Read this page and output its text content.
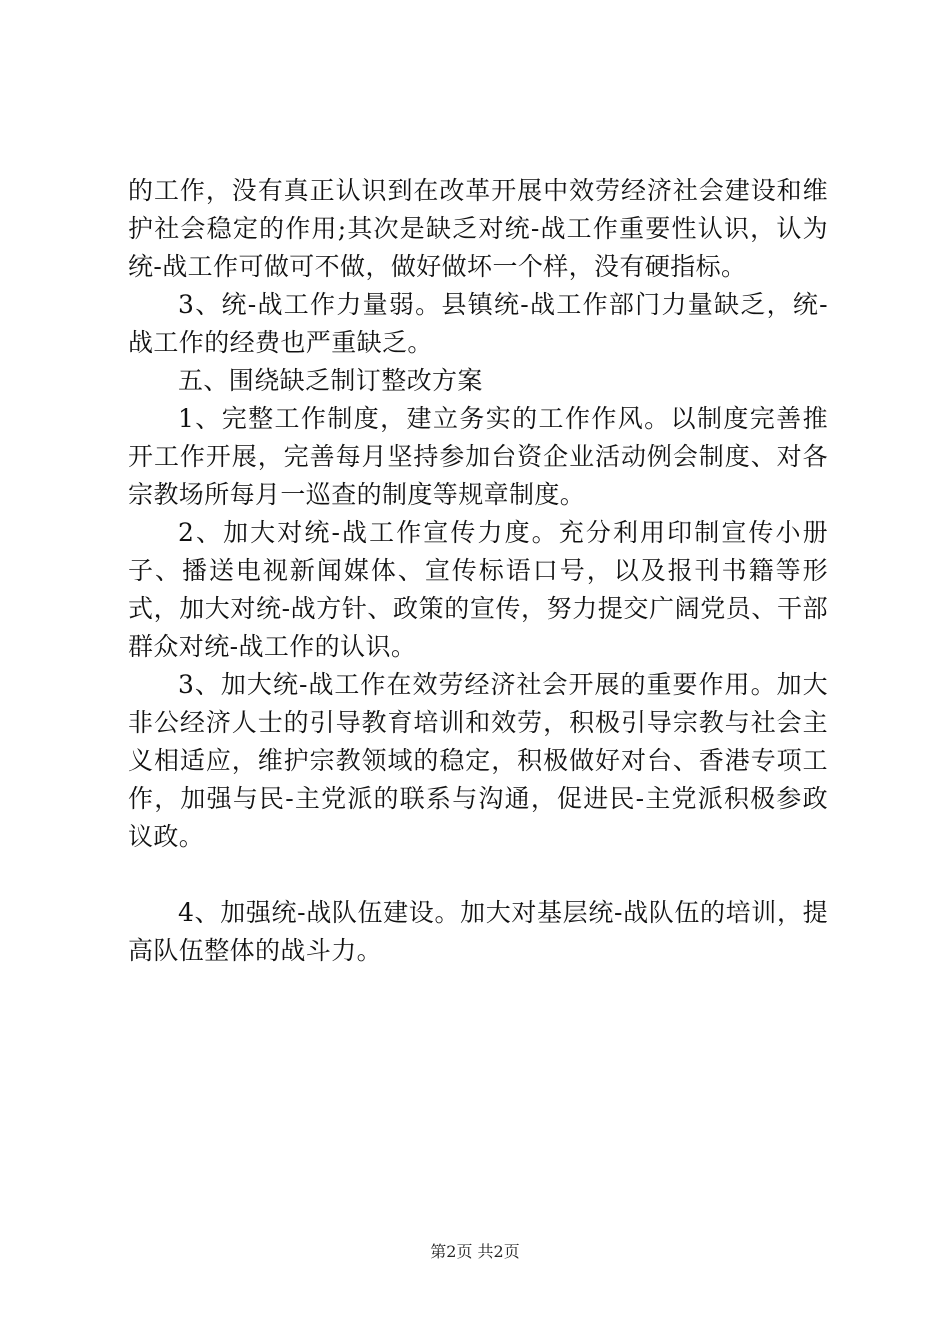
的工作，没有真正认识到在改革开展中效劳经济社会建设和维护社会稳定的作用;其次是缺乏对统-战工作重要性认识，认为统-战工作可做可不做，做好做坏一个样，没有硬指标。

3、统-战工作力量弱。县镇统-战工作部门力量缺乏，统-战工作的经费也严重缺乏。

五、围绕缺乏制订整改方案

1、完整工作制度，建立务实的工作作风。以制度完善推开工作开展，完善每月坚持参加台资企业活动例会制度、对各宗教场所每月一巡查的制度等规章制度。

2、加大对统-战工作宣传力度。充分利用印制宣传小册子、播送电视新闻媒体、宣传标语口号，以及报刊书籍等形式，加大对统-战方针、政策的宣传，努力提交广阔党员、干部群众对统-战工作的认识。

3、加大统-战工作在效劳经济社会开展的重要作用。加大非公经济人士的引导教育培训和效劳，积极引导宗教与社会主义相适应，维护宗教领域的稳定，积极做好对台、香港专项工作，加强与民-主党派的联系与沟通，促进民-主党派积极参政议政。

4、加强统-战队伍建设。加大对基层统-战队伍的培训，提高队伍整体的战斗力。

第2页 共2页
